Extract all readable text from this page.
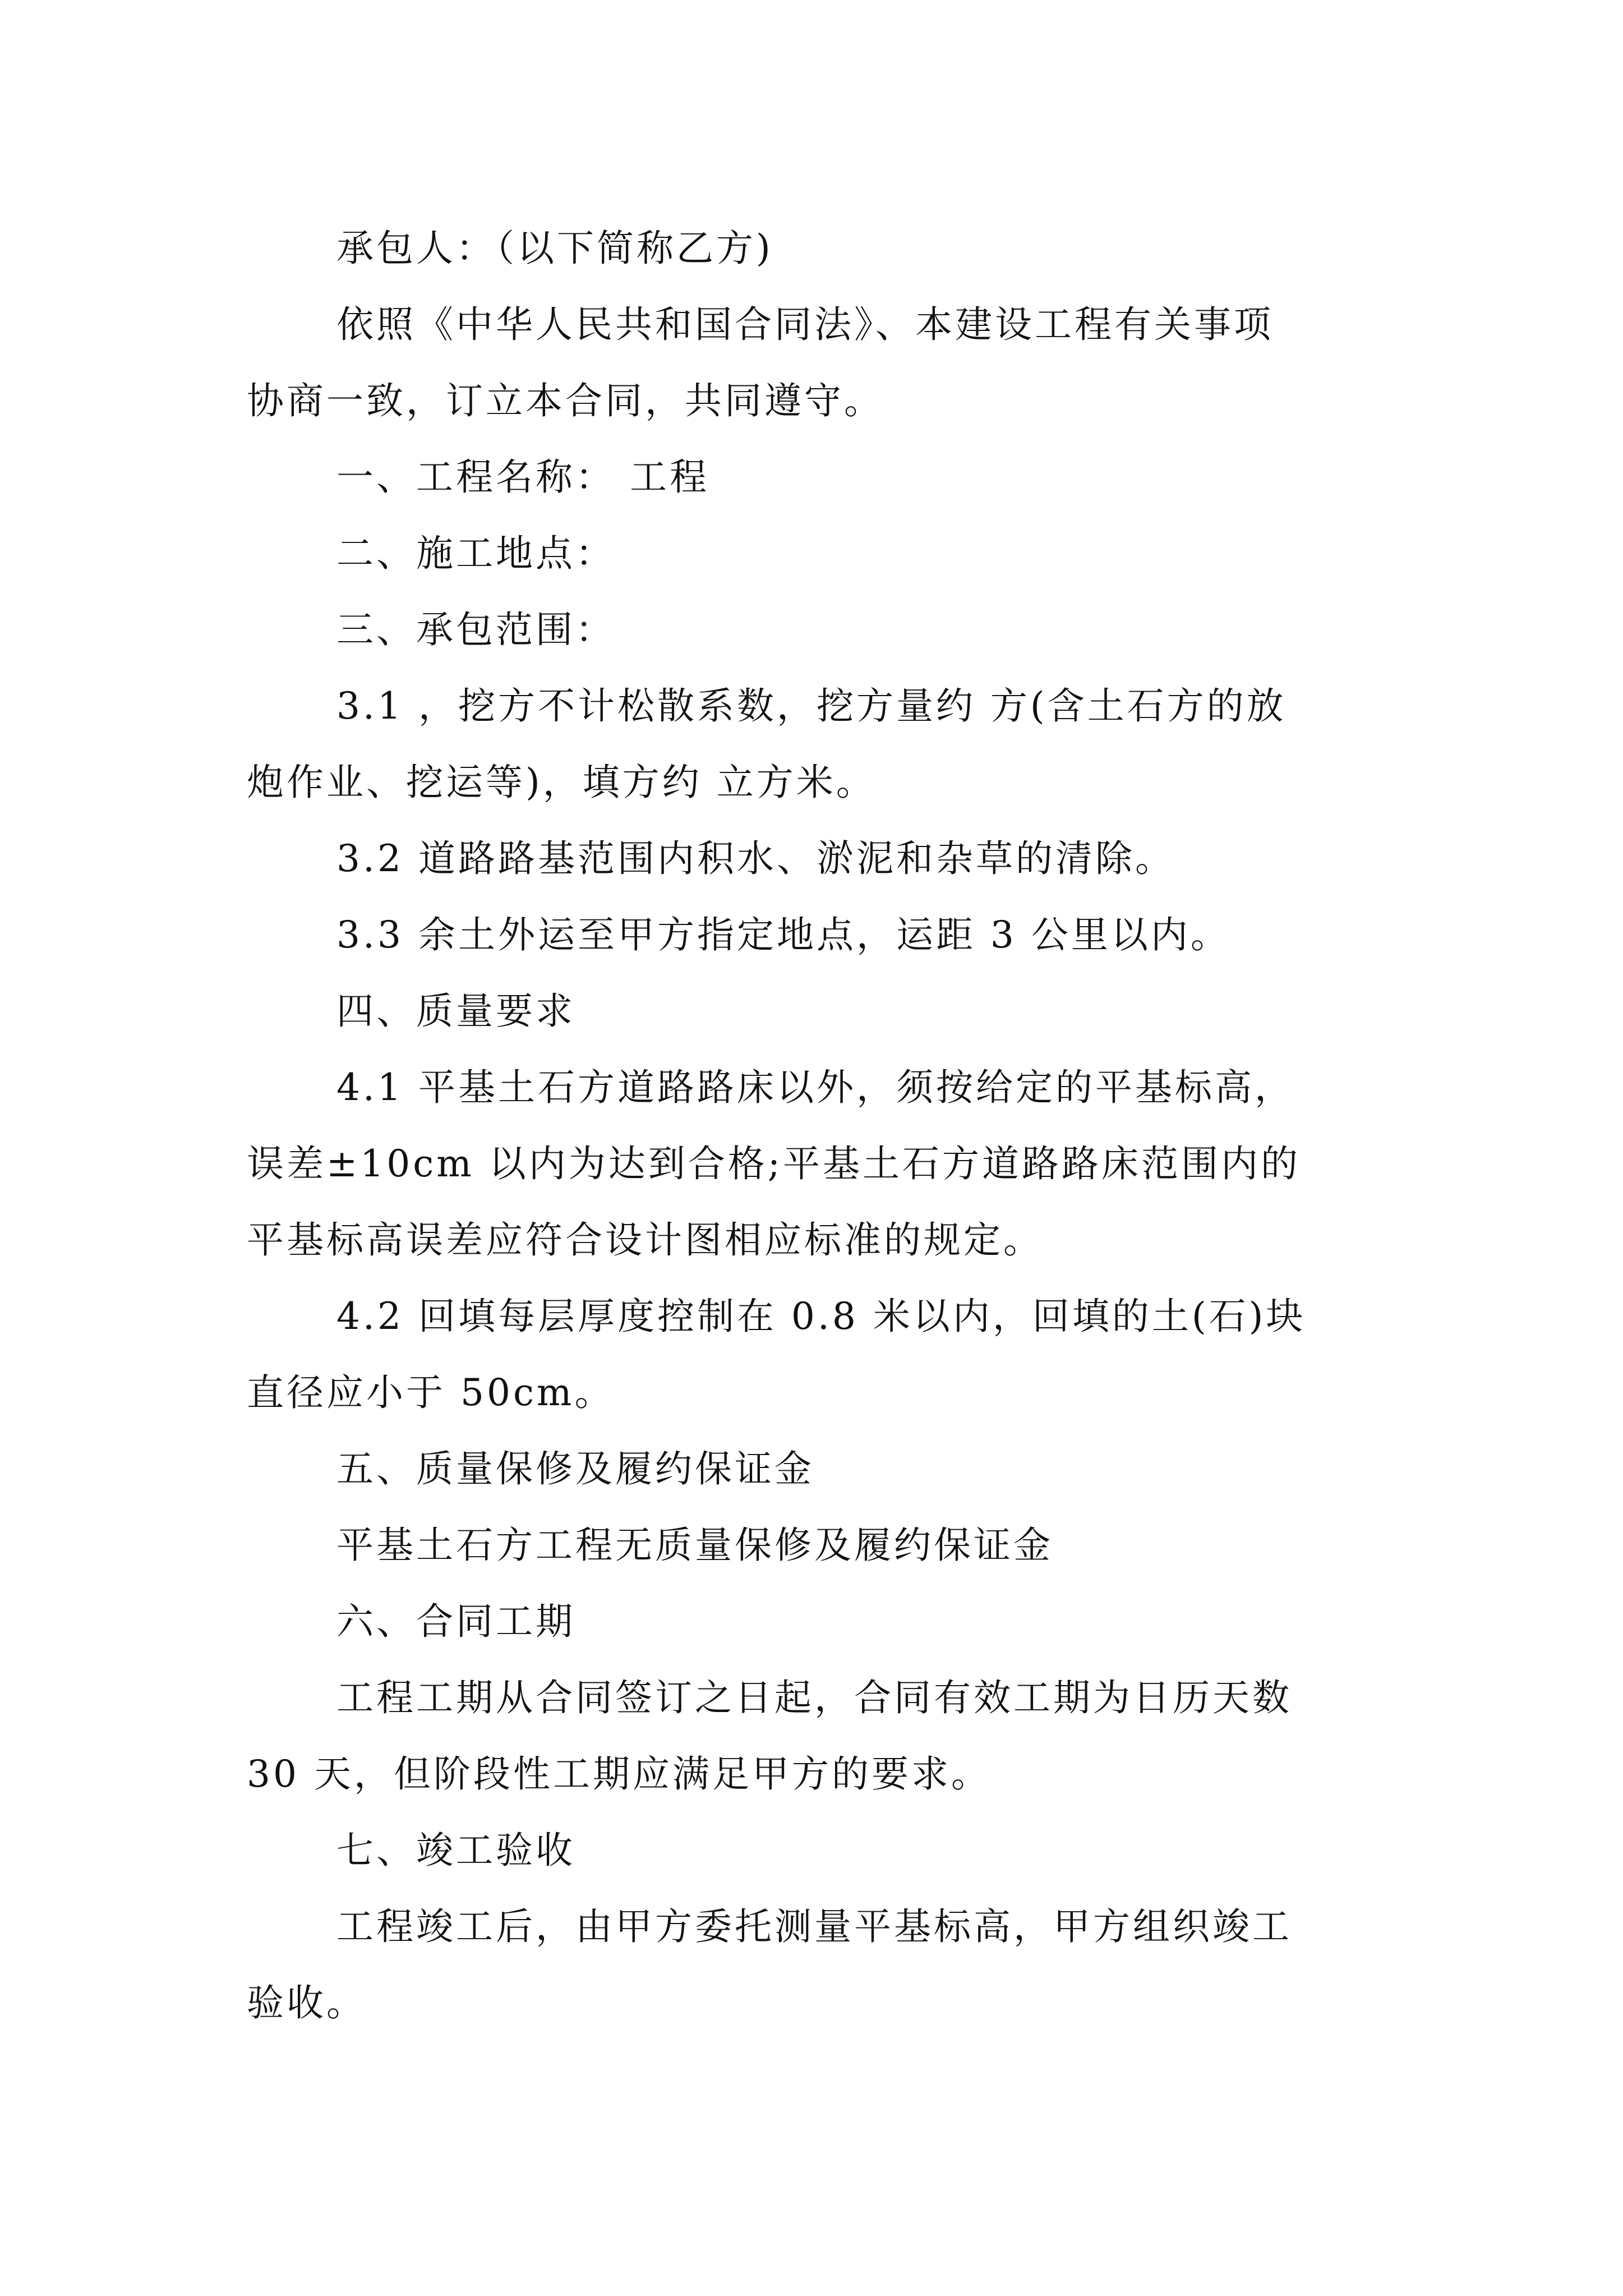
承包人：（以下简称乙方)
依照《中华人民共和国合同法》、本建设工程有关事项
协商一致，订立本合同，共同遵守。
一、工程名称： 工程
二、施工地点：
三、承包范围：
3.1 ，挖方不计松散系数，挖方量约 方(含土石方的放
炮作业、挖运等)，填方约 立方米。
3.2 道路路基范围内积水、淤泥和杂草的清除。
3.3 余土外运至甲方指定地点，运距 3 公里以内。
四、质量要求
4.1 平基土石方道路路床以外，须按给定的平基标高，
误差±10cm 以内为达到合格;平基土石方道路路床范围内的
平基标高误差应符合设计图相应标准的规定。
4.2 回填每层厚度控制在 0.8 米以内，回填的土(石)块
直径应小于 50cm。
五、质量保修及履约保证金
平基土石方工程无质量保修及履约保证金
六、合同工期
工程工期从合同签订之日起，合同有效工期为日历天数
30 天，但阶段性工期应满足甲方的要求。
七、竣工验收
工程竣工后，由甲方委托测量平基标高，甲方组织竣工
验收。
